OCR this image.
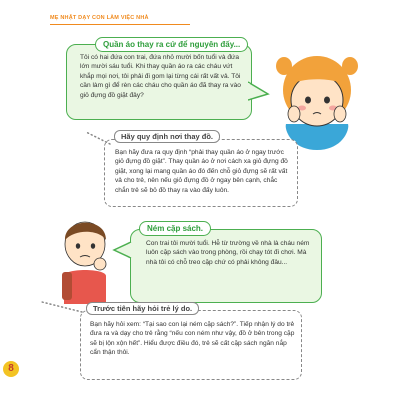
MẸ NHẬT DẠY CON LÀM VIỆC NHÀ
Quần áo thay ra cứ để nguyên đấy...
Tôi có hai đứa con trai, đứa nhỏ mười bốn tuổi và đứa lớn mười sáu tuổi. Khi thay quần áo ra các cháu vứt khắp mọi nơi, tôi phải đi gom lại từng cái rất vất vả. Tôi cần làm gì để rèn các cháu cho quần áo đã thay ra vào giỏ đựng đồ giặt đây?
Hãy quy định nơi thay đồ.
Bạn hãy đưa ra quy định “phải thay quần áo ở ngay trước giỏ đựng đồ giặt”. Thay quần áo ở nơi cách xa giỏ đựng đồ giặt, xong lại mang quần áo đó đến chỗ giỏ đựng sẽ rất vất vả cho trẻ, nên nếu giỏ đựng đồ ở ngay bên cạnh, chắc chắn trẻ sẽ bỏ đồ thay ra vào đấy luôn.
Ném cặp sách.
Con trai tôi mười tuổi. Hễ từ trường về nhà là cháu ném luôn cặp sách vào trong phòng, rồi chạy tót đi chơi. Mà nhà tôi có chỗ treo cặp chứ có phải không đâu...
Trước tiên hãy hỏi trẻ lý do.
Bạn hãy hỏi xem: “Tại sao con lại ném cặp sách?”. Tiếp nhận lý do trẻ đưa ra và dạy cho trẻ rằng “nếu con ném như vậy, đồ ở bên trong cặp sẽ bị lộn xộn hết”. Hiểu được điều đó, trẻ sẽ cất cặp sách ngăn nắp cẩn thận thôi.
8
